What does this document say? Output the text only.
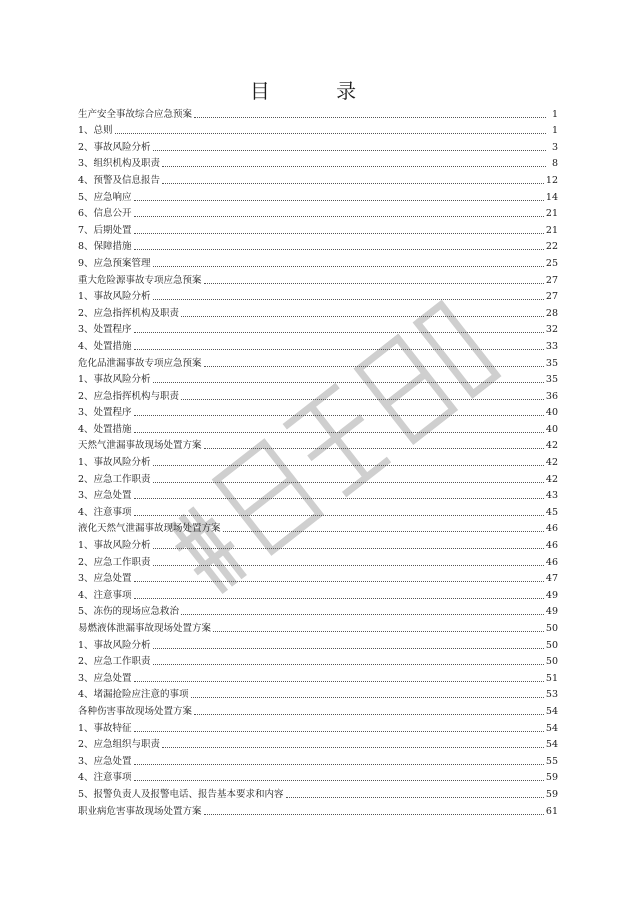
目 录
生产安全事故综合应急预案	1
1、总则	1
2、事故风险分析	3
3、组织机构及职责	8
4、预警及信息报告	12
5、应急响应	14
6、信息公开	21
7、后期处置	21
8、保障措施	22
9、应急预案管理	25
重大危险源事故专项应急预案	27
1、事故风险分析	27
2、应急指挥机构及职责	28
3、处置程序	32
4、处置措施	33
危化品泄漏事故专项应急预案	35
1、事故风险分析	35
2、应急指挥机构与职责	36
3、处置程序	40
4、处置措施	40
天然气泄漏事故现场处置方案	42
1、事故风险分析	42
2、应急工作职责	42
3、应急处置	43
4、注意事项	45
液化天然气泄漏事故现场处置方案	46
1、事故风险分析	46
2、应急工作职责	46
3、应急处置	47
4、注意事项	49
5、冻伤的现场应急救治	49
易燃液体泄漏事故现场处置方案	50
1、事故风险分析	50
2、应急工作职责	50
3、应急处置	51
4、堵漏抢险应注意的事项	53
各种伤害事故现场处置方案	54
1、事故特征	54
2、应急组织与职责	54
3、应急处置	55
4、注意事项	59
5、报警负责人及报警电话、报告基本要求和内容	59
职业病危害事故现场处置方案	61
